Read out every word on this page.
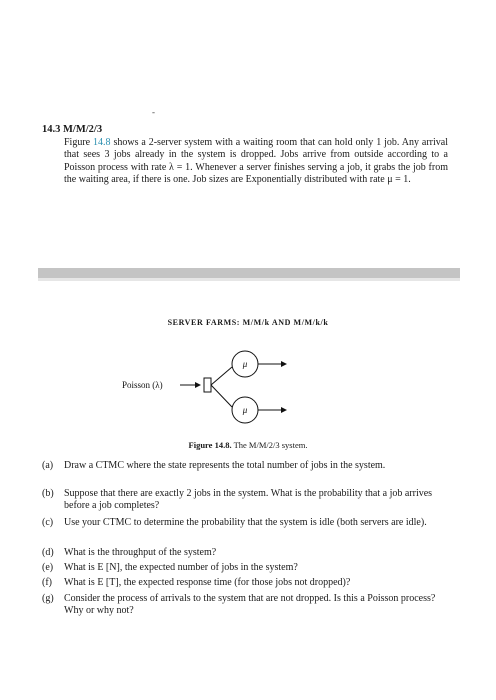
-
14.3 M/M/2/3
Figure 14.8 shows a 2-server system with a waiting room that can hold only 1 job. Any arrival that sees 3 jobs already in the system is dropped. Jobs arrive from outside according to a Poisson process with rate λ = 1. Whenever a server finishes serving a job, it grabs the job from the waiting area, if there is one. Job sizes are Exponentially distributed with rate μ = 1.
SERVER FARMS: M/M/k AND M/M/k/k
Poisson (λ)
μ
μ
Figure 14.8. The M/M/2/3 system.
(a)	Draw a CTMC where the state represents the total number of jobs in the system.
(b)	Suppose that there are exactly 2 jobs in the system. What is the probability that a job arrives before a job completes?
(c)	Use your CTMC to determine the probability that the system is idle (both servers are idle).
(d)	What is the throughput of the system?
(e)	What is E [N], the expected number of jobs in the system?
(f)	What is E [T], the expected response time (for those jobs not dropped)?
(g)	Consider the process of arrivals to the system that are not dropped. Is this a Poisson process? Why or why not?
